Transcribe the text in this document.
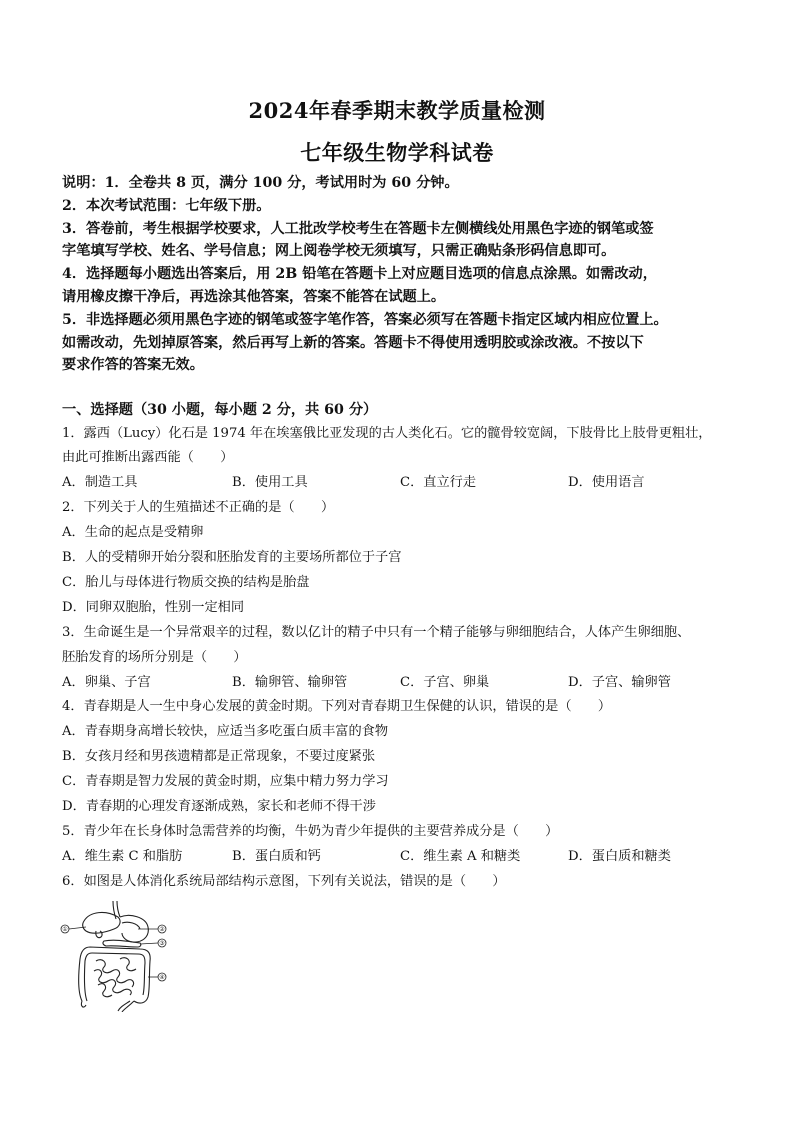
2024年春季期末教学质量检测
七年级生物学科试卷
说明：1．全卷共 8 页，满分 100 分，考试用时为 60 分钟。
2．本次考试范围：七年级下册。
3．答卷前，考生根据学校要求，人工批改学校考生在答题卡左侧横线处用黑色字迹的钢笔或签
字笔填写学校、姓名、学号信息；网上阅卷学校无须填写，只需正确贴条形码信息即可。
4．选择题每小题选出答案后，用 2B 铅笔在答题卡上对应题目选项的信息点涂黑。如需改动，
请用橡皮擦干净后，再选涂其他答案，答案不能答在试题上。
5．非选择题必须用黑色字迹的钢笔或签字笔作答，答案必须写在答题卡指定区域内相应位置上。
如需改动，先划掉原答案，然后再写上新的答案。答题卡不得使用透明胶或涂改液。不按以下
要求作答的答案无效。
一、选择题（30 小题，每小题 2 分，共 60 分）
1．露西（Lucy）化石是 1974 年在埃塞俄比亚发现的古人类化石。它的髋骨较宽阔，下肢骨比上肢骨更粗壮，
由此可推断出露西能（　　）
A．制造工具	B．使用工具	C．直立行走	D．使用语言
2．下列关于人的生殖描述不正确的是（　　）
A．生命的起点是受精卵
B．人的受精卵开始分裂和胚胎发育的主要场所都位于子宫
C．胎儿与母体进行物质交换的结构是胎盘
D．同卵双胞胎，性别一定相同
3．生命诞生是一个异常艰辛的过程，数以亿计的精子中只有一个精子能够与卵细胞结合，人体产生卵细胞、
胚胎发育的场所分别是（　　）
A．卵巢、子宫	B．输卵管、输卵管	C．子宫、卵巢	D．子宫、输卵管
4．青春期是人一生中身心发展的黄金时期。下列对青春期卫生保健的认识，错误的是（　　）
A．青春期身高增长较快，应适当多吃蛋白质丰富的食物
B．女孩月经和男孩遗精都是正常现象，不要过度紧张
C．青春期是智力发展的黄金时期，应集中精力努力学习
D．青春期的心理发育逐渐成熟，家长和老师不得干涉
5．青少年在长身体时急需营养的均衡，牛奶为青少年提供的主要营养成分是（　　）
A．维生素 C 和脂肪	B．蛋白质和钙	C．维生素 A 和糖类	D．蛋白质和糖类
6．如图是人体消化系统局部结构示意图，下列有关说法，错误的是（　　）
①	②
③
④
